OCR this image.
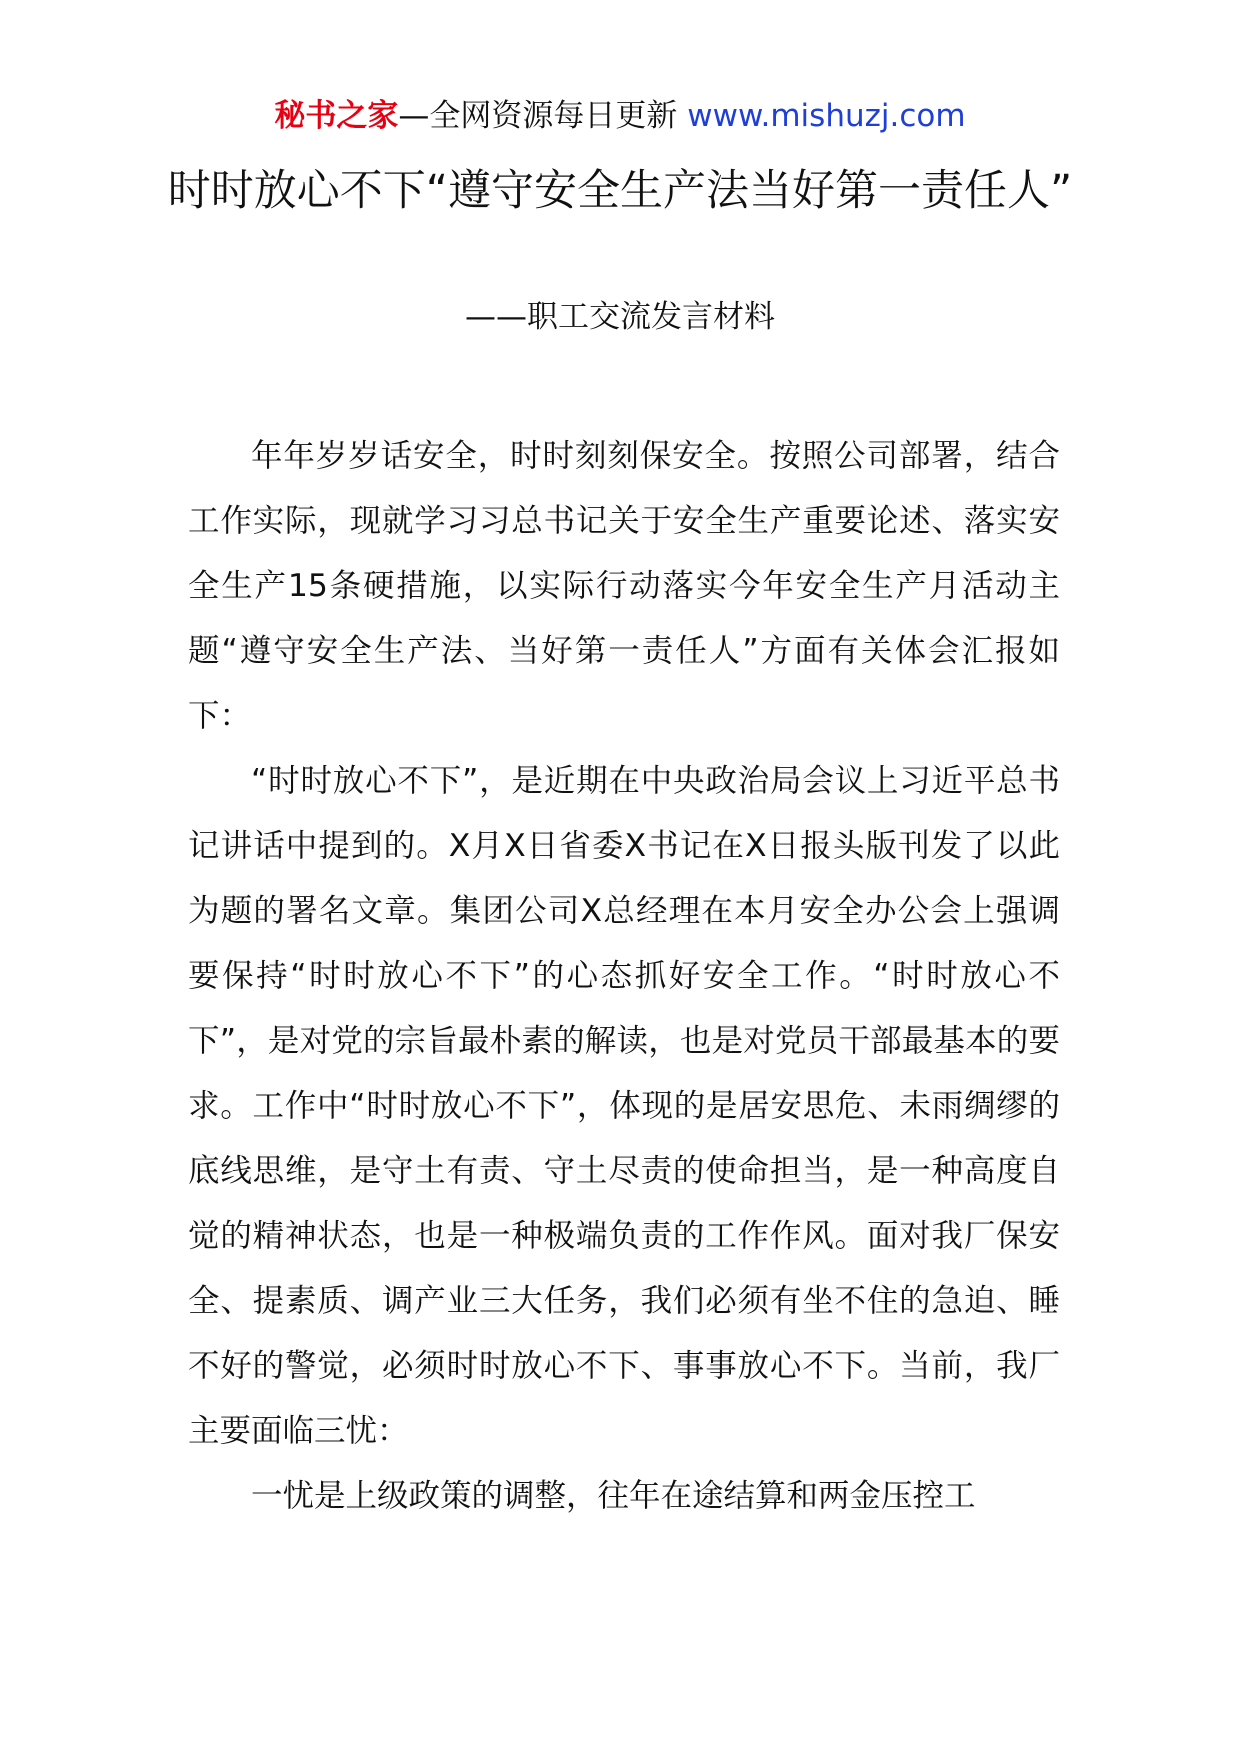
秘书之家—全网资源每日更新 www.mishuzj.com
时时放心不下“遵守安全生产法当好第一责任人”
——职工交流发言材料

年年岁岁话安全，时时刻刻保安全。按照公司部署，结合工作实际，现就学习习总书记关于安全生产重要论述、落实安全生产15条硬措施，以实际行动落实今年安全生产月活动主题“遵守安全生产法、当好第一责任人”方面有关体会汇报如下：

“时时放心不下”，是近期在中央政治局会议上习近平总书记讲话中提到的。X月X日省委X书记在X日报头版刊发了以此为题的署名文章。集团公司X总经理在本月安全办公会上强调要保持“时时放心不下”的心态抓好安全工作。“时时放心不下”，是对党的宗旨最朴素的解读，也是对党员干部最基本的要求。工作中“时时放心不下”，体现的是居安思危、未雨绸缪的底线思维，是守土有责、守土尽责的使命担当，是一种高度自觉的精神状态，也是一种极端负责的工作作风。面对我厂保安全、提素质、调产业三大任务，我们必须有坐不住的急迫、睡不好的警觉，必须时时放心不下、事事放心不下。当前，我厂主要面临三忧：

一忧是上级政策的调整，往年在途结算和两金压控工
